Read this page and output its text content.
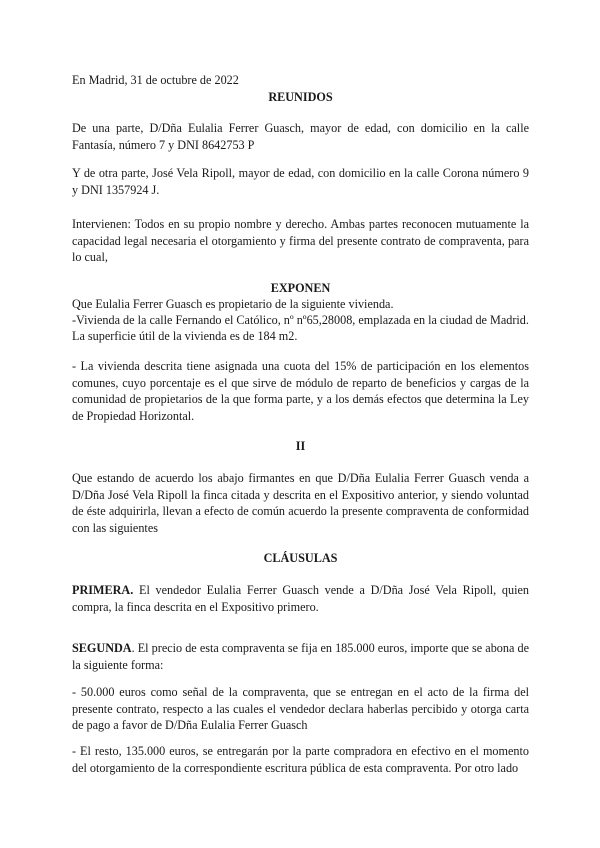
En Madrid, 31 de octubre de 2022

REUNIDOS

De una parte, D/Dña Eulalia Ferrer Guasch, mayor de edad, con domicilio en la calle Fantasía, número 7 y DNI 8642753 P

Y de otra parte, José Vela Ripoll, mayor de edad, con domicilio en la calle Corona número 9 y DNI 1357924 J.

Intervienen: Todos en su propio nombre y derecho. Ambas partes reconocen mutuamente la capacidad legal necesaria el otorgamiento y firma del presente contrato de compraventa, para lo cual,

EXPONEN

Que Eulalia Ferrer Guasch es propietario de la siguiente vivienda.

-Vivienda de la calle Fernando el Católico, nº nº65,28008, emplazada en la ciudad de Madrid.

La superficie útil de la vivienda es de 184 m2.

- La vivienda descrita tiene asignada una cuota del 15% de participación en los elementos comunes, cuyo porcentaje es el que sirve de módulo de reparto de beneficios y cargas de la comunidad de propietarios de la que forma parte, y a los demás efectos que determina la Ley de Propiedad Horizontal.

II

Que estando de acuerdo los abajo firmantes en que D/Dña Eulalia Ferrer Guasch venda a D/Dña José Vela Ripoll la finca citada y descrita en el Expositivo anterior, y siendo voluntad de éste adquirirla, llevan a efecto de común acuerdo la presente compraventa de conformidad con las siguientes

CLÁUSULAS

PRIMERA. El vendedor Eulalia Ferrer Guasch vende a D/Dña José Vela Ripoll, quien compra, la finca descrita en el Expositivo primero.

SEGUNDA. El precio de esta compraventa se fija en 185.000 euros, importe que se abona de la siguiente forma:

- 50.000 euros como señal de la compraventa, que se entregan en el acto de la firma del presente contrato, respecto a las cuales el vendedor declara haberlas percibido y otorga carta de pago a favor de D/Dña Eulalia Ferrer Guasch

- El resto, 135.000 euros, se entregarán por la parte compradora en efectivo en el momento del otorgamiento de la correspondiente escritura pública de esta compraventa. Por otro lado
